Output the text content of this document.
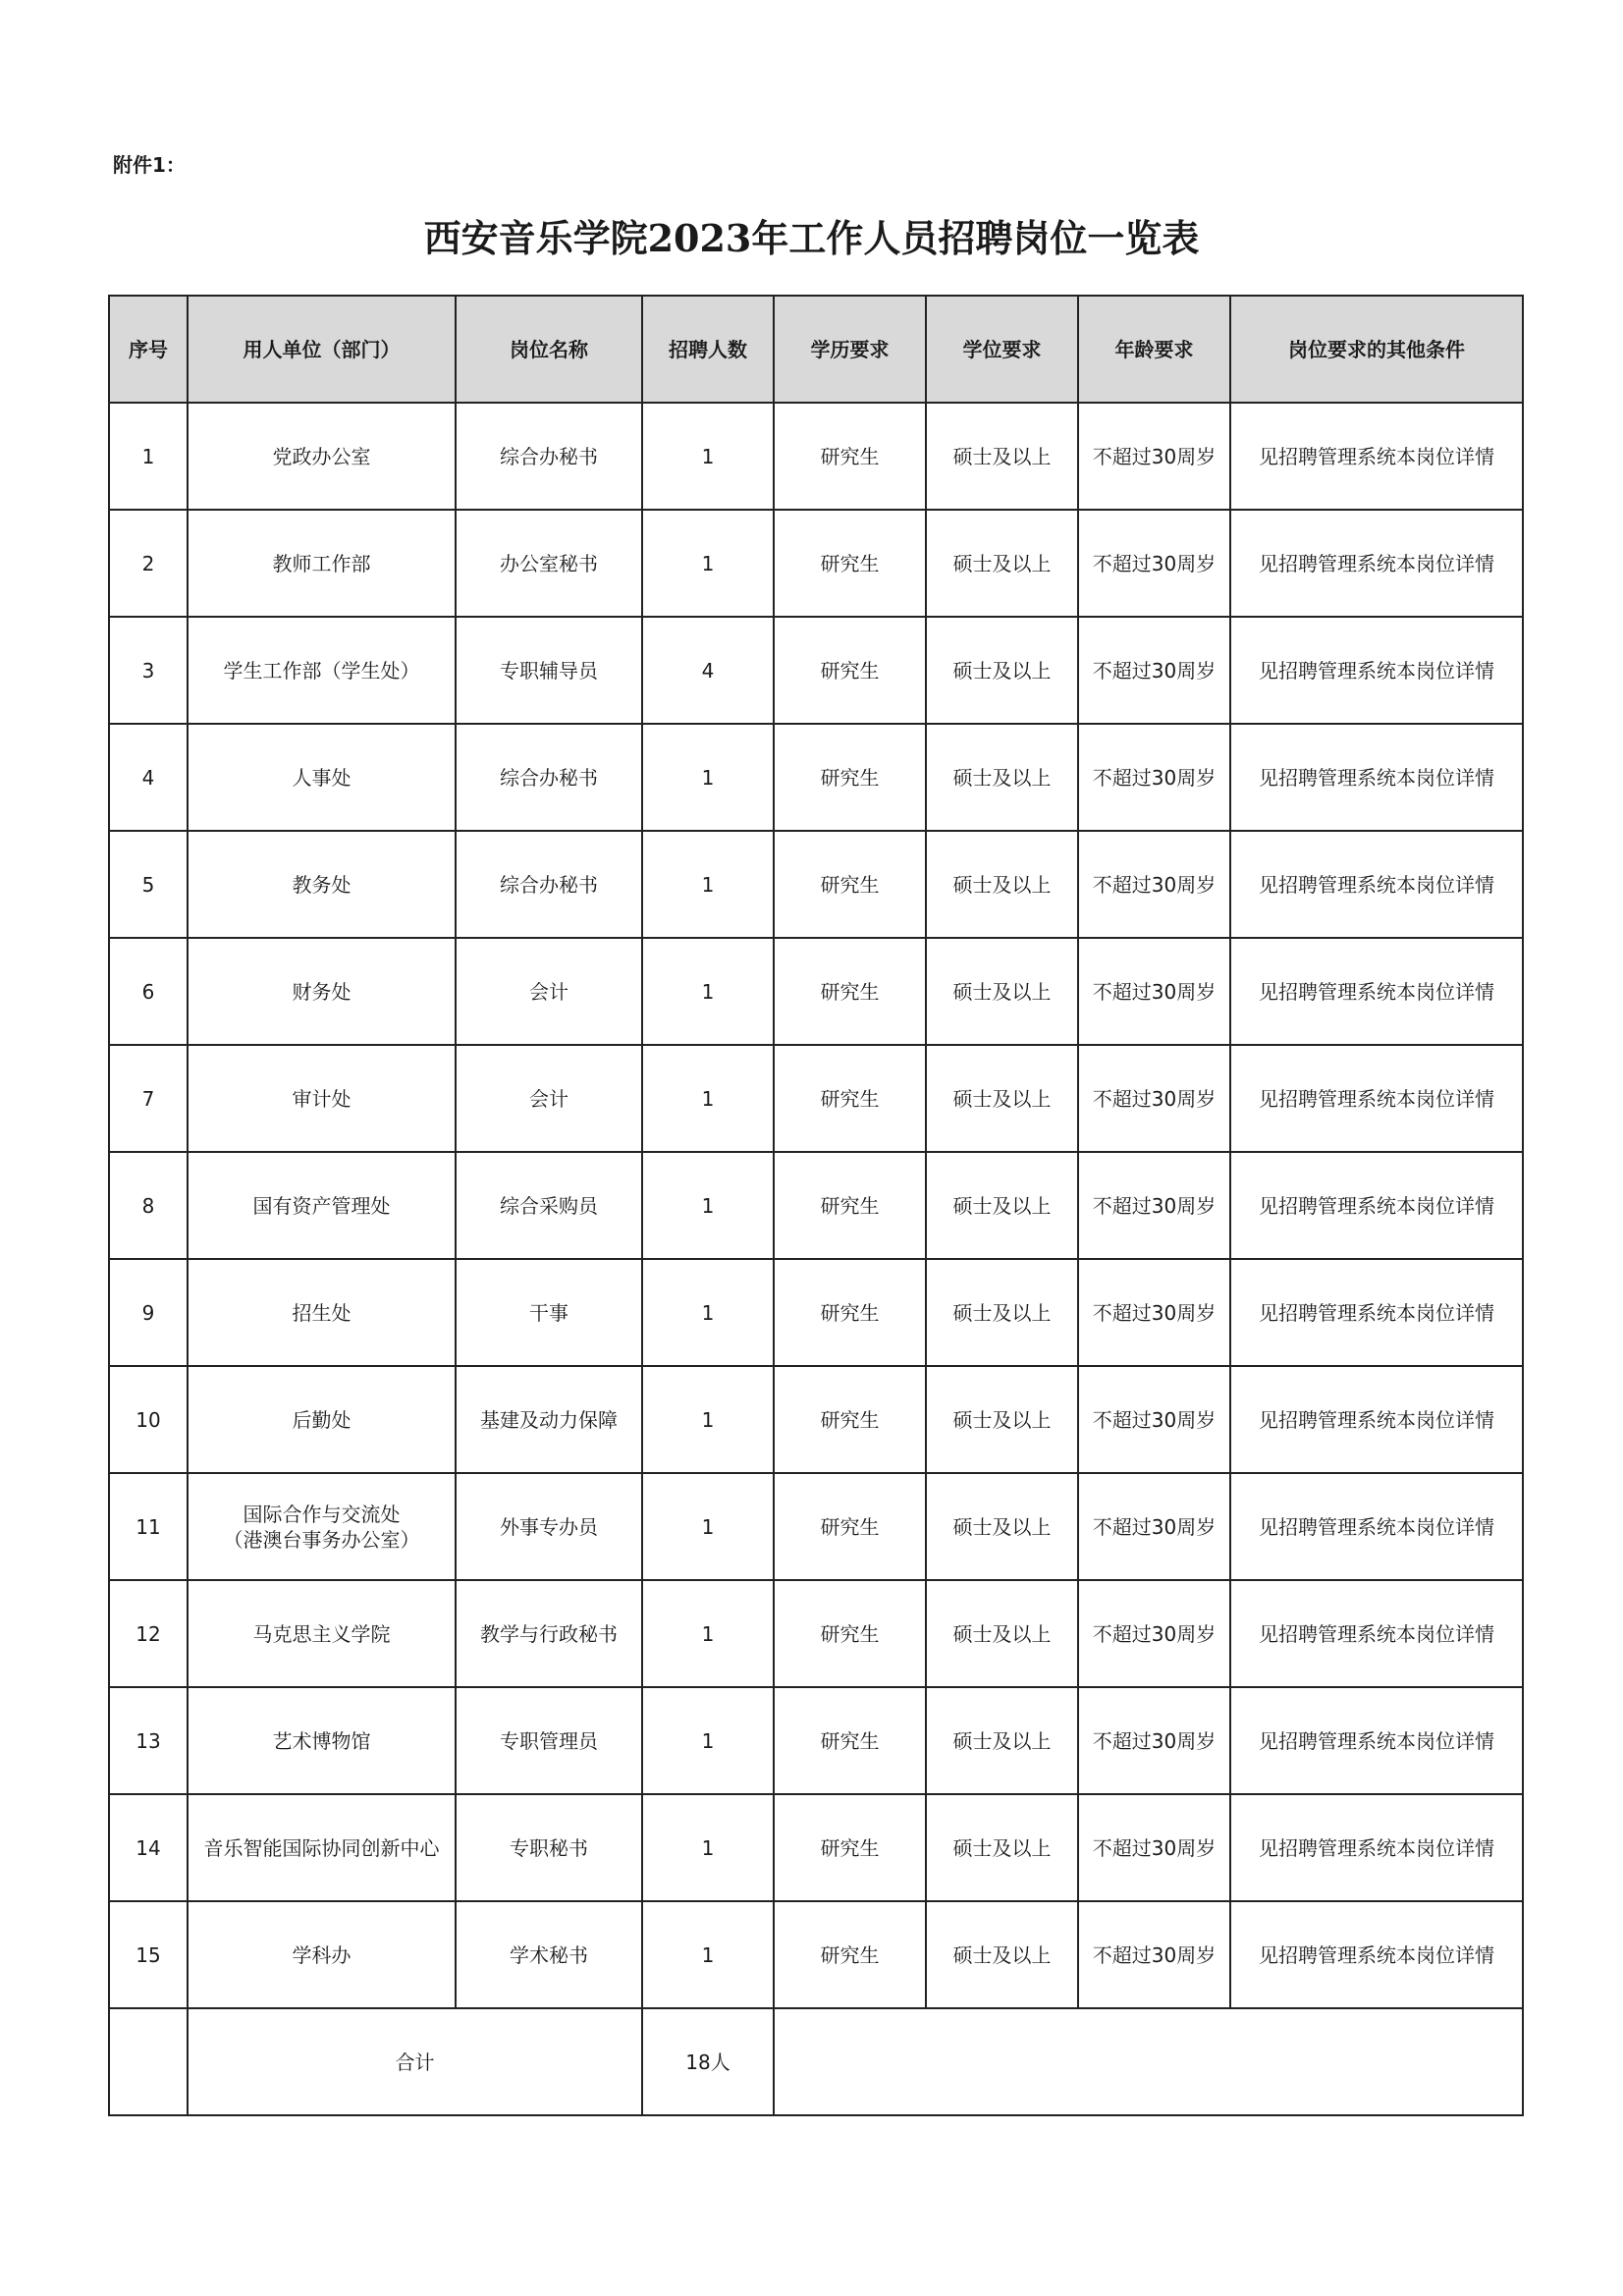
附件1：
西安音乐学院2023年工作人员招聘岗位一览表
序号	用人单位（部门）	岗位名称	招聘人数	学历要求	学位要求	年龄要求	岗位要求的其他条件
1	党政办公室	综合办秘书	1	研究生	硕士及以上	不超过30周岁	见招聘管理系统本岗位详情
2	教师工作部	办公室秘书	1	研究生	硕士及以上	不超过30周岁	见招聘管理系统本岗位详情
3	学生工作部（学生处）	专职辅导员	4	研究生	硕士及以上	不超过30周岁	见招聘管理系统本岗位详情
4	人事处	综合办秘书	1	研究生	硕士及以上	不超过30周岁	见招聘管理系统本岗位详情
5	教务处	综合办秘书	1	研究生	硕士及以上	不超过30周岁	见招聘管理系统本岗位详情
6	财务处	会计	1	研究生	硕士及以上	不超过30周岁	见招聘管理系统本岗位详情
7	审计处	会计	1	研究生	硕士及以上	不超过30周岁	见招聘管理系统本岗位详情
8	国有资产管理处	综合采购员	1	研究生	硕士及以上	不超过30周岁	见招聘管理系统本岗位详情
9	招生处	干事	1	研究生	硕士及以上	不超过30周岁	见招聘管理系统本岗位详情
10	后勤处	基建及动力保障	1	研究生	硕士及以上	不超过30周岁	见招聘管理系统本岗位详情
11	国际合作与交流处
（港澳台事务办公室）	外事专办员	1	研究生	硕士及以上	不超过30周岁	见招聘管理系统本岗位详情
12	马克思主义学院	教学与行政秘书	1	研究生	硕士及以上	不超过30周岁	见招聘管理系统本岗位详情
13	艺术博物馆	专职管理员	1	研究生	硕士及以上	不超过30周岁	见招聘管理系统本岗位详情
14	音乐智能国际协同创新中心	专职秘书	1	研究生	硕士及以上	不超过30周岁	见招聘管理系统本岗位详情
15	学科办	学术秘书	1	研究生	硕士及以上	不超过30周岁	见招聘管理系统本岗位详情
	合计		18人				
